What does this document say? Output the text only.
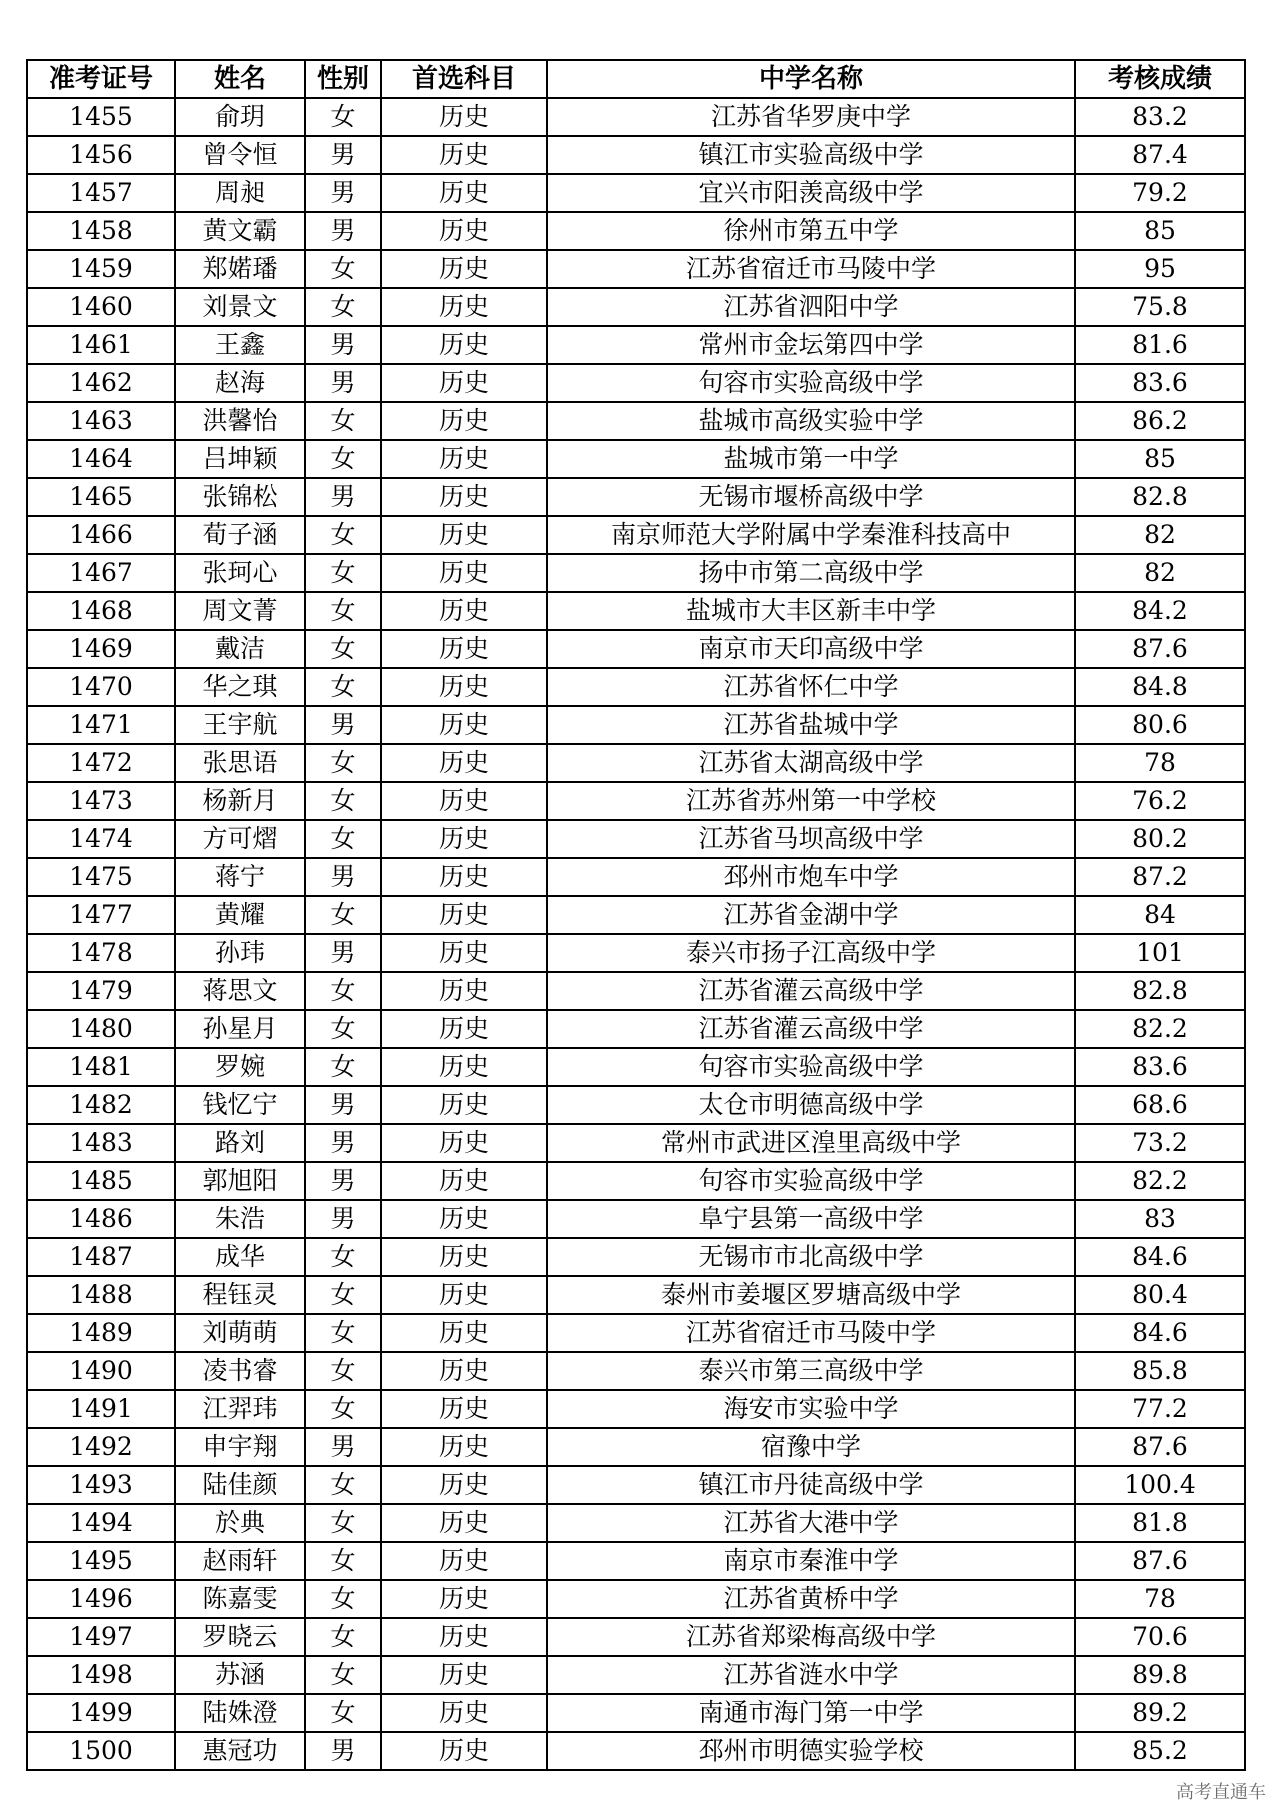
准考证号	姓名	性别	首选科目	中学名称	考核成绩
1455	俞玥	女	历史	江苏省华罗庚中学	83.2
1456	曾令恒	男	历史	镇江市实验高级中学	87.4
1457	周昶	男	历史	宜兴市阳羡高级中学	79.2
1458	黄文霸	男	历史	徐州市第五中学	85
1459	郑婼璠	女	历史	江苏省宿迁市马陵中学	95
1460	刘景文	女	历史	江苏省泗阳中学	75.8
1461	王鑫	男	历史	常州市金坛第四中学	81.6
1462	赵海	男	历史	句容市实验高级中学	83.6
1463	洪馨怡	女	历史	盐城市高级实验中学	86.2
1464	吕坤颖	女	历史	盐城市第一中学	85
1465	张锦松	男	历史	无锡市堰桥高级中学	82.8
1466	荀子涵	女	历史	南京师范大学附属中学秦淮科技高中	82
1467	张珂心	女	历史	扬中市第二高级中学	82
1468	周文菁	女	历史	盐城市大丰区新丰中学	84.2
1469	戴洁	女	历史	南京市天印高级中学	87.6
1470	华之琪	女	历史	江苏省怀仁中学	84.8
1471	王宇航	男	历史	江苏省盐城中学	80.6
1472	张思语	女	历史	江苏省太湖高级中学	78
1473	杨新月	女	历史	江苏省苏州第一中学校	76.2
1474	方可熠	女	历史	江苏省马坝高级中学	80.2
1475	蒋宁	男	历史	邳州市炮车中学	87.2
1477	黄耀	女	历史	江苏省金湖中学	84
1478	孙玮	男	历史	泰兴市扬子江高级中学	101
1479	蒋思文	女	历史	江苏省灌云高级中学	82.8
1480	孙星月	女	历史	江苏省灌云高级中学	82.2
1481	罗婉	女	历史	句容市实验高级中学	83.6
1482	钱忆宁	男	历史	太仓市明德高级中学	68.6
1483	路刘	男	历史	常州市武进区湟里高级中学	73.2
1485	郭旭阳	男	历史	句容市实验高级中学	82.2
1486	朱浩	男	历史	阜宁县第一高级中学	83
1487	成华	女	历史	无锡市市北高级中学	84.6
1488	程钰灵	女	历史	泰州市姜堰区罗塘高级中学	80.4
1489	刘萌萌	女	历史	江苏省宿迁市马陵中学	84.6
1490	凌书睿	女	历史	泰兴市第三高级中学	85.8
1491	江羿玮	女	历史	海安市实验中学	77.2
1492	申宇翔	男	历史	宿豫中学	87.6
1493	陆佳颜	女	历史	镇江市丹徒高级中学	100.4
1494	於典	女	历史	江苏省大港中学	81.8
1495	赵雨轩	女	历史	南京市秦淮中学	87.6
1496	陈嘉雯	女	历史	江苏省黄桥中学	78
1497	罗晓云	女	历史	江苏省郑梁梅高级中学	70.6
1498	苏涵	女	历史	江苏省涟水中学	89.8
1499	陆姝澄	女	历史	南通市海门第一中学	89.2
1500	惠冠功	男	历史	邳州市明德实验学校	85.2
高考直通车
